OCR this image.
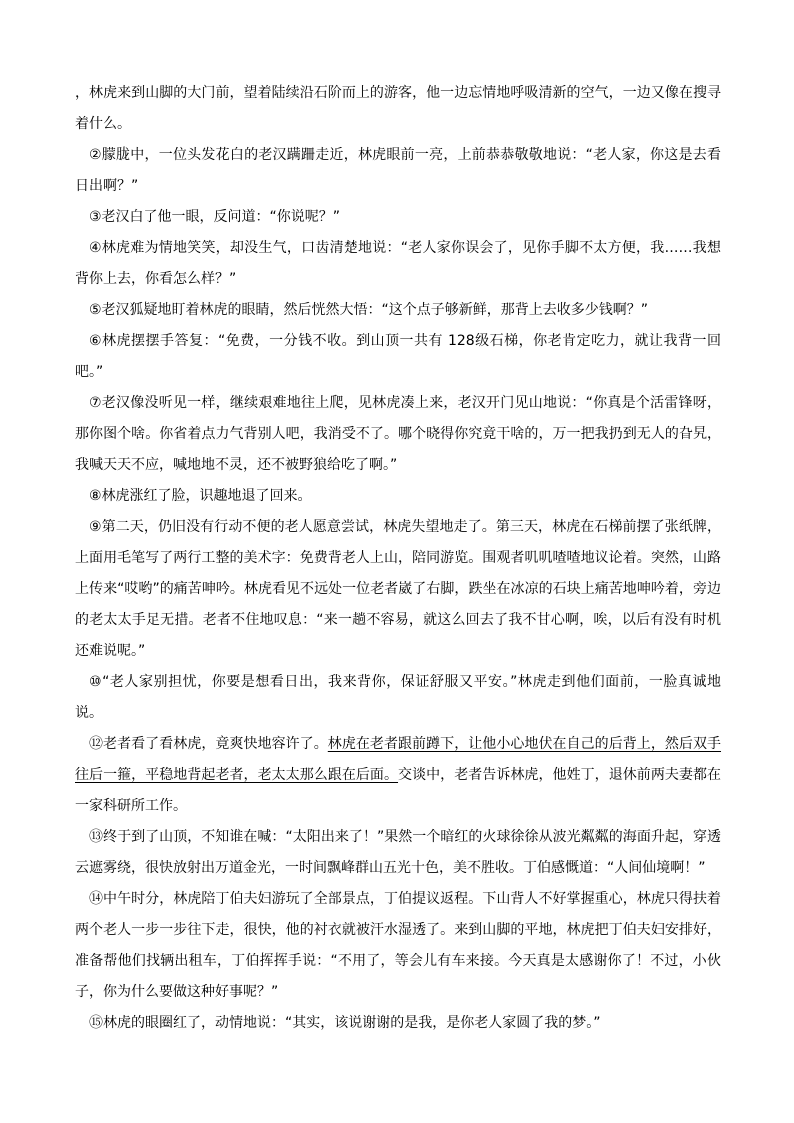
，林虎来到山脚的大门前，望着陆续沿石阶而上的游客，他一边忘情地呼吸清新的空气，一边又像在搜寻着什么。

②朦胧中，一位头发花白的老汉蹒跚走近，林虎眼前一亮，上前恭恭敬敬地说：“老人家，你这是去看日出啊？”

③老汉白了他一眼，反问道：“你说呢？”

④林虎难为情地笑笑，却没生气，口齿清楚地说：“老人家你误会了，见你手脚不太方便，我……我想背你上去，你看怎么样？”

⑤老汉狐疑地盯着林虎的眼睛，然后恍然大悟：“这个点子够新鲜，那背上去收多少钱啊？”

⑥林虎摆摆手答复：“免费，一分钱不收。到山顶一共有 128级石梯，你老肯定吃力，就让我背一回吧。”

⑦老汉像没听见一样，继续艰难地往上爬，见林虎凑上来，老汉开门见山地说：“你真是个活雷锋呀，那你图个啥。你省着点力气背别人吧，我消受不了。哪个晓得你究竟干啥的，万一把我扔到无人的旮旯，我喊天天不应，喊地地不灵，还不被野狼给吃了啊。”

⑧林虎涨红了脸，识趣地退了回来。

⑨第二天，仍旧没有行动不便的老人愿意尝试，林虎失望地走了。第三天，林虎在石梯前摆了张纸牌，上面用毛笔写了两行工整的美术字：免费背老人上山，陪同游览。围观者叽叽喳喳地议论着。突然，山路上传来“哎哟”的痛苦呻吟。林虎看见不远处一位老者崴了右脚，跌坐在冰凉的石块上痛苦地呻吟着，旁边的老太太手足无措。老者不住地叹息：“来一趟不容易，就这么回去了我不甘心啊，唉，以后有没有时机还难说呢。”

⑩“老人家别担忧，你要是想看日出，我来背你，保证舒服又平安。”林虎走到他们面前，一脸真诚地说。

⑫老者看了看林虎，竟爽快地容许了。林虎在老者跟前蹲下，让他小心地伏在自己的后背上，然后双手往后一箍，平稳地背起老者，老太太那么跟在后面。交谈中，老者告诉林虎，他姓丁，退休前两夫妻都在一家科研所工作。

⑬终于到了山顶，不知谁在喊：“太阳出来了！”果然一个暗红的火球徐徐从波光粼粼的海面升起，穿透云遮雾绕，很快放射出万道金光，一时间飘峰群山五光十色，美不胜收。丁伯感慨道：“人间仙境啊！”

⑭中午时分，林虎陪丁伯夫妇游玩了全部景点，丁伯提议返程。下山背人不好掌握重心，林虎只得扶着两个老人一步一步往下走，很快，他的衬衣就被汗水湿透了。来到山脚的平地，林虎把丁伯夫妇安排好，准备帮他们找辆出租车，丁伯挥挥手说：“不用了，等会儿有车来接。今天真是太感谢你了！不过，小伙子，你为什么要做这种好事呢？”

⑮林虎的眼圈红了，动情地说：“其实，该说谢谢的是我，是你老人家圆了我的梦。”
